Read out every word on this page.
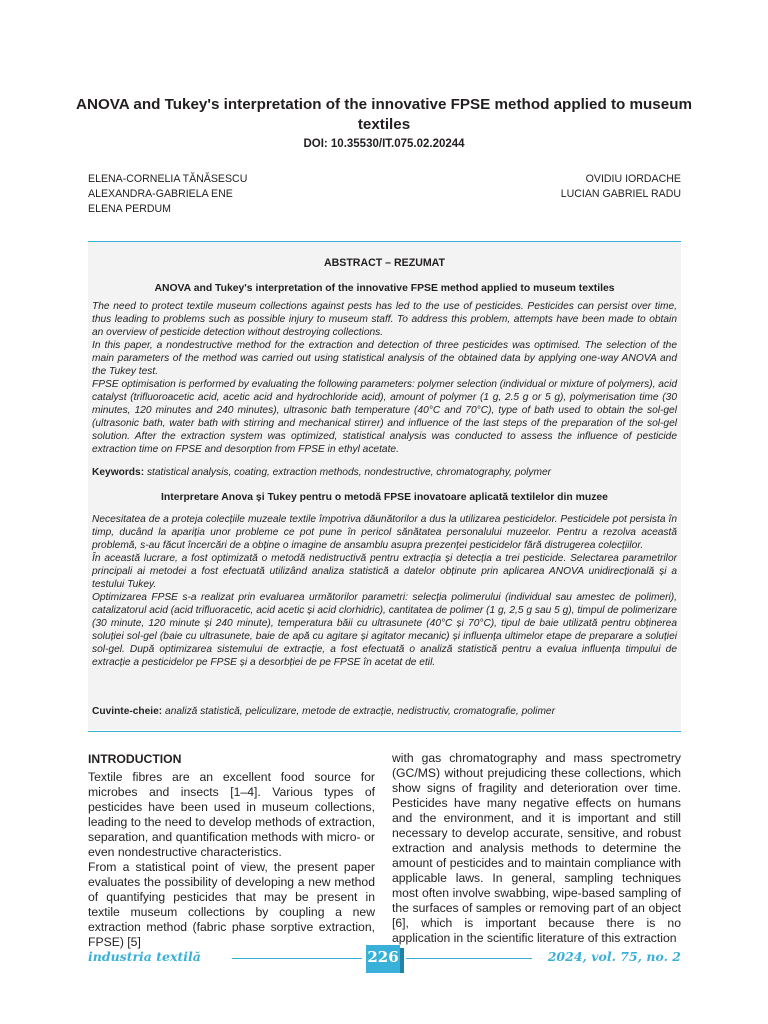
ANOVA and Tukey's interpretation of the innovative FPSE method applied to museum textiles
DOI: 10.35530/IT.075.02.20244
ELENA-CORNELIA TĂNĂSESCU
ALEXANDRA-GABRIELA ENE
ELENA PERDUM
OVIDIU IORDACHE
LUCIAN GABRIEL RADU
ABSTRACT – REZUMAT
ANOVA and Tukey's interpretation of the innovative FPSE method applied to museum textiles

The need to protect textile museum collections against pests has led to the use of pesticides. Pesticides can persist over time, thus leading to problems such as possible injury to museum staff. To address this problem, attempts have been made to obtain an overview of pesticide detection without destroying collections.

In this paper, a nondestructive method for the extraction and detection of three pesticides was optimised. The selection of the main parameters of the method was carried out using statistical analysis of the obtained data by applying one-way ANOVA and the Tukey test.

FPSE optimisation is performed by evaluating the following parameters: polymer selection (individual or mixture of polymers), acid catalyst (trifluoroacetic acid, acetic acid and hydrochloride acid), amount of polymer (1 g, 2.5 g or 5 g), polymerisation time (30 minutes, 120 minutes and 240 minutes), ultrasonic bath temperature (40°C and 70°C), type of bath used to obtain the sol-gel (ultrasonic bath, water bath with stirring and mechanical stirrer) and influence of the last steps of the preparation of the sol-gel solution. After the extraction system was optimized, statistical analysis was conducted to assess the influence of pesticide extraction time on FPSE and desorption from FPSE in ethyl acetate.

Keywords: statistical analysis, coating, extraction methods, nondestructive, chromatography, polymer
Interpretare Anova și Tukey pentru o metodă FPSE inovatoare aplicată textilelor din muzee

Necesitatea de a proteja colecțiile muzeale textile împotriva dăunătorilor a dus la utilizarea pesticidelor. Pesticidele pot persista în timp, ducând la apariția unor probleme ce pot pune în pericol sănătatea personalului muzeelor. Pentru a rezolva această problemă, s-au făcut încercări de a obține o imagine de ansamblu asupra prezenței pesticidelor fără distrugerea colecțiilor.

În această lucrare, a fost optimizată o metodă nedistructivă pentru extracția și detecția a trei pesticide. Selectarea parametrilor principali ai metodei a fost efectuată utilizând analiza statistică a datelor obținute prin aplicarea ANOVA unidirecțională și a testului Tukey.

Optimizarea FPSE s-a realizat prin evaluarea următorilor parametri: selecția polimerului (individual sau amestec de polimeri), catalizatorul acid (acid trifluoracetic, acid acetic și acid clorhidric), cantitatea de polimer (1 g, 2,5 g sau 5 g), timpul de polimerizare (30 minute, 120 minute și 240 minute), temperatura băii cu ultrasunete (40°C și 70°C), tipul de baie utilizată pentru obținerea soluției sol-gel (baie cu ultrasunete, baie de apă cu agitare și agitator mecanic) și influența ultimelor etape de preparare a soluției sol-gel. După optimizarea sistemului de extracție, a fost efectuată o analiză statistică pentru a evalua influența timpului de extracție a pesticidelor pe FPSE și a desorbției de pe FPSE în acetat de etil.

Cuvinte-cheie: analiză statistică, peliculizare, metode de extracție, nedistructiv, cromatografie, polimer
INTRODUCTION

Textile fibres are an excellent food source for microbes and insects [1–4]. Various types of pesticides have been used in museum collections, leading to the need to develop methods of extraction, separation, and quantification methods with micro- or even nondestructive characteristics.

From a statistical point of view, the present paper evaluates the possibility of developing a new method of quantifying pesticides that may be present in textile museum collections by coupling a new extraction method (fabric phase sorptive extraction, FPSE) [5]

with gas chromatography and mass spectrometry (GC/MS) without prejudicing these collections, which show signs of fragility and deterioration over time. Pesticides have many negative effects on humans and the environment, and it is important and still necessary to develop accurate, sensitive, and robust extraction and analysis methods to determine the amount of pesticides and to maintain compliance with applicable laws. In general, sampling techniques most often involve swabbing, wipe-based sampling of the surfaces of samples or removing part of an object [6], which is important because there is no application in the scientific literature of this extraction

industria textilă	226	2024, vol. 75, no. 2
